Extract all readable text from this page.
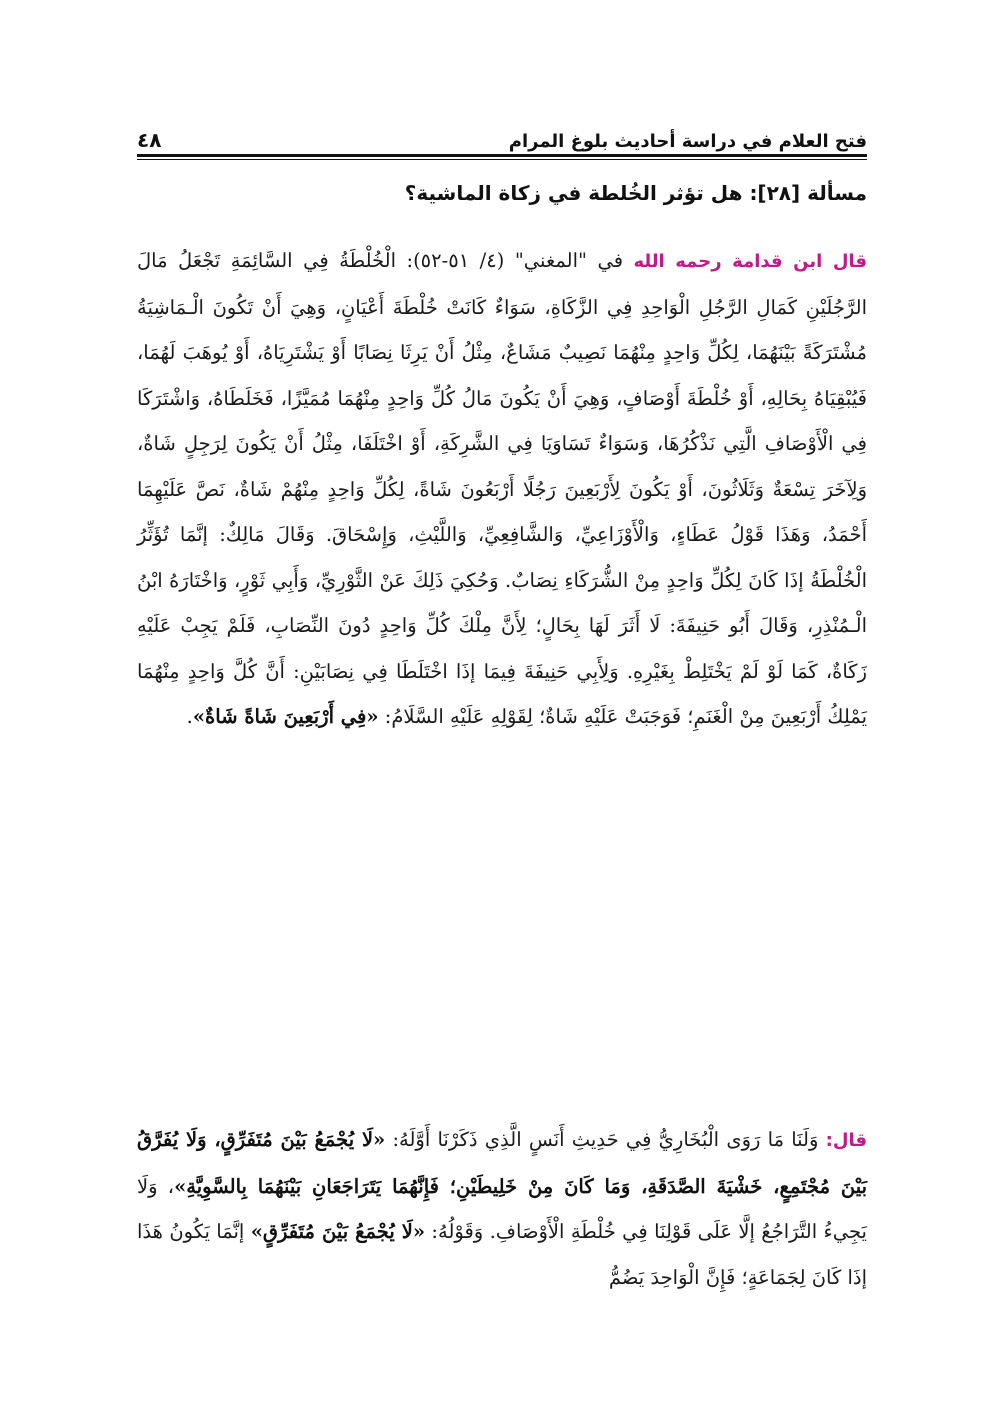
فتح العلام في دراسة أحاديث بلوغ المرام
٤٨
مسألة [٢٨]: هل تؤثر الخُلطة في زكاة الماشية؟
قال ابن قدامة رحمه الله في "المغني" (٤/ ٥١-٥٢): الْخُلْطَةُ فِي السَّائِمَةِ تَجْعَلُ مَالَ الرَّجُلَيْنِ كَمَالِ الرَّجُلِ الْوَاحِدِ فِي الزَّكَاةِ، سَوَاءٌ كَانَتْ خُلْطَةَ أَعْيَانٍ، وَهِيَ أَنْ تَكُونَ الْـمَاشِيَةُ مُشْتَرَكَةً بَيْنَهُمَا، لِكُلِّ وَاحِدٍ مِنْهُمَا نَصِيبٌ مَشَاعٌ، مِثْلُ أَنْ يَرِثَا نِصَابًا أَوْ يَشْتَرِيَاهُ، أَوْ يُوهَبَ لَهُمَا، فَيُبْقِيَاهُ بِحَالِهِ، أَوْ خُلْطَةَ أَوْصَافٍ، وَهِيَ أَنْ يَكُونَ مَالُ كُلِّ وَاحِدٍ مِنْهُمَا مُمَيَّزًا، فَخَلَطَاهُ، وَاشْتَرَكَا فِي الْأَوْصَافِ الَّتِي نَذْكُرُهَا، وَسَوَاءٌ تَسَاوَيَا فِي الشَّرِكَةِ، أَوْ اخْتَلَفَا، مِثْلُ أَنْ يَكُونَ لِرَجِلٍ شَاةٌ، وَلِآخَرَ تِسْعَةٌ وَثَلَاثُونَ، أَوْ يَكُونَ لِأَرْبَعِينَ رَجُلًا أَرْبَعُونَ شَاةً، لِكُلِّ وَاحِدٍ مِنْهُمْ شَاةٌ، نَصَّ عَلَيْهِمَا أَحْمَدُ، وَهَذَا قَوْلُ عَطَاءٍ، وَالْأَوْزَاعِيِّ، وَالشَّافِعِيِّ، وَاللَّيْثِ، وَإِسْحَاقَ. وَقَالَ مَالِكٌ: إنَّمَا تُؤَثِّرُ الْخُلْطَةُ إذَا كَانَ لِكُلِّ وَاحِدٍ مِنْ الشُّرَكَاءِ نِصَابٌ. وَحُكِيَ ذَلِكَ عَنْ الثَّوْرِيِّ، وَأَبِي ثَوْرٍ، وَاخْتَارَهُ ابْنُ الْـمُنْذِرِ، وَقَالَ أَبُو حَنِيفَةَ: لَا أَثَرَ لَهَا بِحَالٍ؛ لِأَنَّ مِلْكَ كُلِّ وَاحِدٍ دُونَ النِّصَابِ، فَلَمْ يَجِبْ عَلَيْهِ زَكَاةٌ، كَمَا لَوْ لَمْ يَخْتَلِطْ بِغَيْرِهِ. وَلِأَبِي حَنِيفَةَ فِيمَا إذَا اخْتَلَطَا فِي نِصَابَيْنِ: أَنَّ كُلَّ وَاحِدٍ مِنْهُمَا يَمْلِكُ أَرْبَعِينَ مِنْ الْغَنَمِ؛ فَوَجَبَتْ عَلَيْهِ شَاةٌ؛ لِقَوْلِهِ عَلَيْهِ السَّلَامُ: «فِي أَرْبَعِينَ شَاةً شَاةٌ».
قال: وَلَنَا مَا رَوَى الْبُخَارِيُّ فِي حَدِيثِ أَنَسٍ الَّذِي ذَكَرْنَا أَوَّلَهُ: «لَا يُجْمَعُ بَيْنَ مُتَفَرِّقٍ، وَلَا يُفَرَّقُ بَيْنَ مُجْتَمِعٍ، خَشْيَةَ الصَّدَقَةِ، وَمَا كَانَ مِنْ خَلِيطَيْنِ؛ فَإِنَّهُمَا يَتَرَاجَعَانِ بَيْنَهُمَا بِالسَّوِيَّةِ»، وَلَا يَجِيءُ التَّرَاجُعُ إلَّا عَلَى قَوْلِنَا فِي خُلْطَةِ الْأَوْصَافِ. وَقَوْلُهُ: «لَا يُجْمَعُ بَيْنَ مُتَفَرِّقٍ» إنَّمَا يَكُونُ هَذَا إذَا كَانَ لِجَمَاعَةٍ؛ فَإِنَّ الْوَاحِدَ يَضُمُّ
